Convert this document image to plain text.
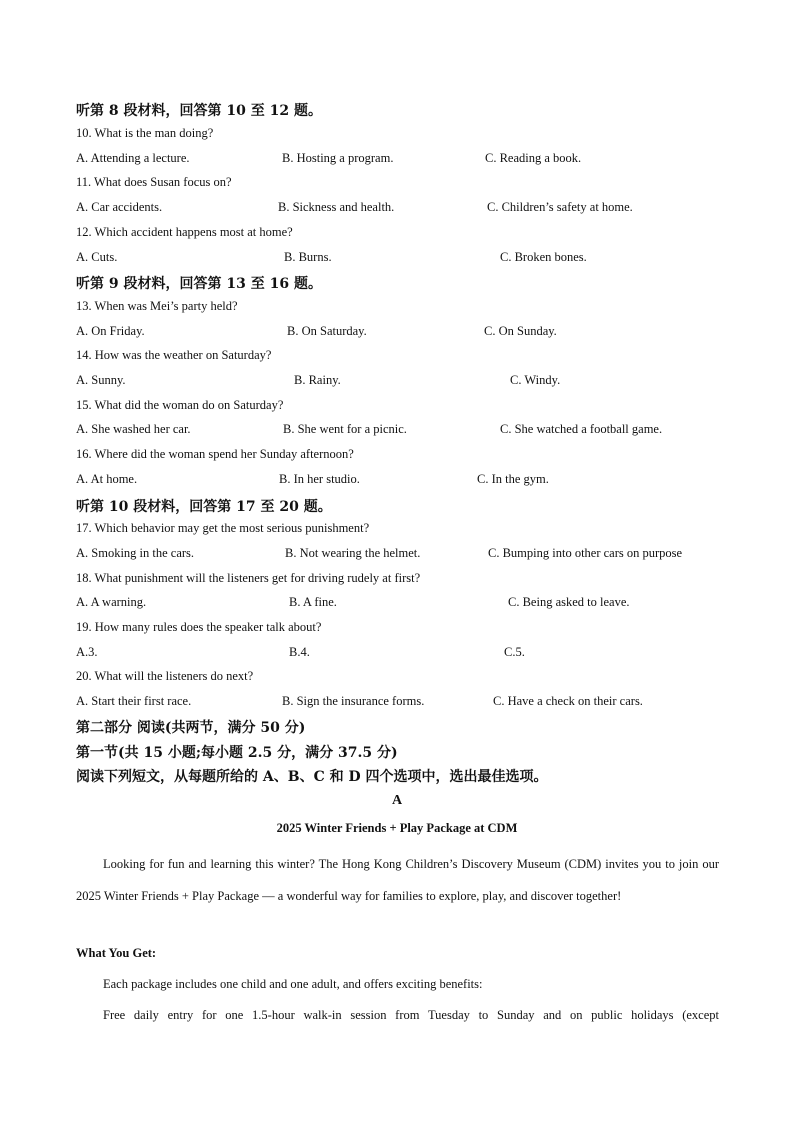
听第 8 段材料，回答第 10 至 12 题。
10. What is the man doing?
A. Attending a lecture.	B. Hosting a program.	C. Reading a book.
11. What does Susan focus on?
A. Car accidents.	B. Sickness and health.	C. Children’s safety at home.
12. Which accident happens most at home?
A. Cuts.	B. Burns.	C. Broken bones.
听第 9 段材料，回答第 13 至 16 题。
13. When was Mei’s party held?
A. On Friday.	B. On Saturday.	C. On Sunday.
14. How was the weather on Saturday?
A. Sunny.	B. Rainy.	C. Windy.
15. What did the woman do on Saturday?
A. She washed her car.	B. She went for a picnic.	C. She watched a football game.
16. Where did the woman spend her Sunday afternoon?
A. At home.	B. In her studio.	C. In the gym.
听第 10 段材料，回答第 17 至 20 题。
17. Which behavior may get the most serious punishment?
A. Smoking in the cars.	B. Not wearing the helmet.	C. Bumping into other cars on purpose
18. What punishment will the listeners get for driving rudely at first?
A. A warning.	B. A fine.	C. Being asked to leave.
19. How many rules does the speaker talk about?
A.3.	B.4.	C.5.
20. What will the listeners do next?
A. Start their first race.	B. Sign the insurance forms.	C. Have a check on their cars.
第二部分 阅读(共两节，满分 50 分)
第一节(共 15 小题;每小题 2.5 分，满分 37.5 分)
阅读下列短文，从每题所给的 A、B、C 和 D 四个选项中，选出最佳选项。
A
2025 Winter Friends + Play Package at CDM
Looking for fun and learning this winter? The Hong Kong Children’s Discovery Museum (CDM) invites you to join our 2025 Winter Friends + Play Package — a wonderful way for families to explore, play, and discover together!
What You Get:
Each package includes one child and one adult, and offers exciting benefits:
Free daily entry for one 1.5-hour walk-in session from Tuesday to Sunday and on public holidays (except
